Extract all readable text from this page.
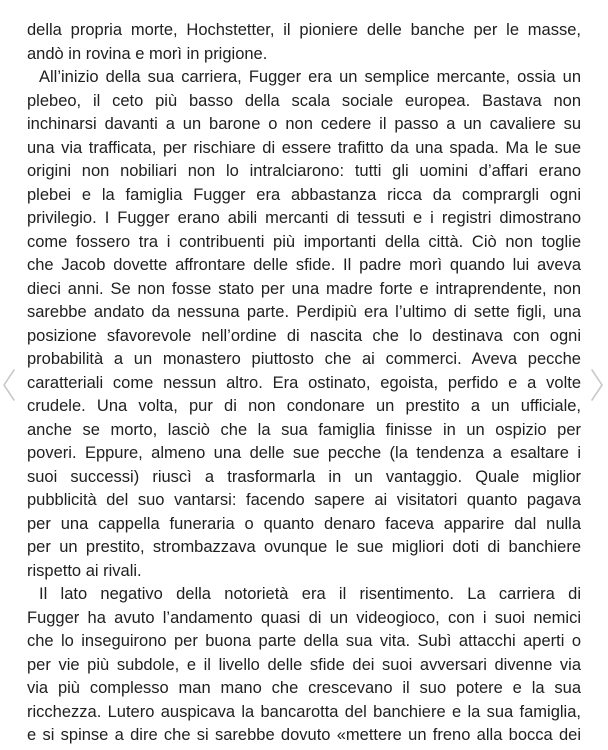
della propria morte, Hochstetter, il pioniere delle banche per le masse,
andò in rovina e morì in prigione.
All’inizio della sua carriera, Fugger era un semplice mercante, ossia un
plebeo, il ceto più basso della scala sociale europea. Bastava non
inchinarsi davanti a un barone o non cedere il passo a un cavaliere su
una via trafficata, per rischiare di essere trafitto da una spada. Ma le sue
origini non nobiliari non lo intralciarono: tutti gli uomini d’affari erano
plebei e la famiglia Fugger era abbastanza ricca da comprargli ogni
privilegio. I Fugger erano abili mercanti di tessuti e i registri dimostrano
come fossero tra i contribuenti più importanti della città. Ciò non toglie
che Jacob dovette affrontare delle sfide. Il padre morì quando lui aveva
dieci anni. Se non fosse stato per una madre forte e intraprendente, non
sarebbe andato da nessuna parte. Perdipiù era l’ultimo di sette figli, una
posizione sfavorevole nell’ordine di nascita che lo destinava con ogni
probabilità a un monastero piuttosto che ai commerci. Aveva pecche
caratteriali come nessun altro. Era ostinato, egoista, perfido e a volte
crudele. Una volta, pur di non condonare un prestito a un ufficiale,
anche se morto, lasciò che la sua famiglia finisse in un ospizio per
poveri. Eppure, almeno una delle sue pecche (la tendenza a esaltare i
suoi successi) riuscì a trasformarla in un vantaggio. Quale miglior
pubblicità del suo vantarsi: facendo sapere ai visitatori quanto pagava
per una cappella funeraria o quanto denaro faceva apparire dal nulla
per un prestito, strombazzava ovunque le sue migliori doti di banchiere
rispetto ai rivali.
Il lato negativo della notorietà era il risentimento. La carriera di
Fugger ha avuto l’andamento quasi di un videogioco, con i suoi nemici
che lo inseguirono per buona parte della sua vita. Subì attacchi aperti o
per vie più subdole, e il livello delle sfide dei suoi avversari divenne via
via più complesso man mano che crescevano il suo potere e la sua
ricchezza. Lutero auspicava la bancarotta del banchiere e la sua famiglia,
e si spinse a dire che si sarebbe dovuto «mettere un freno alla bocca dei
